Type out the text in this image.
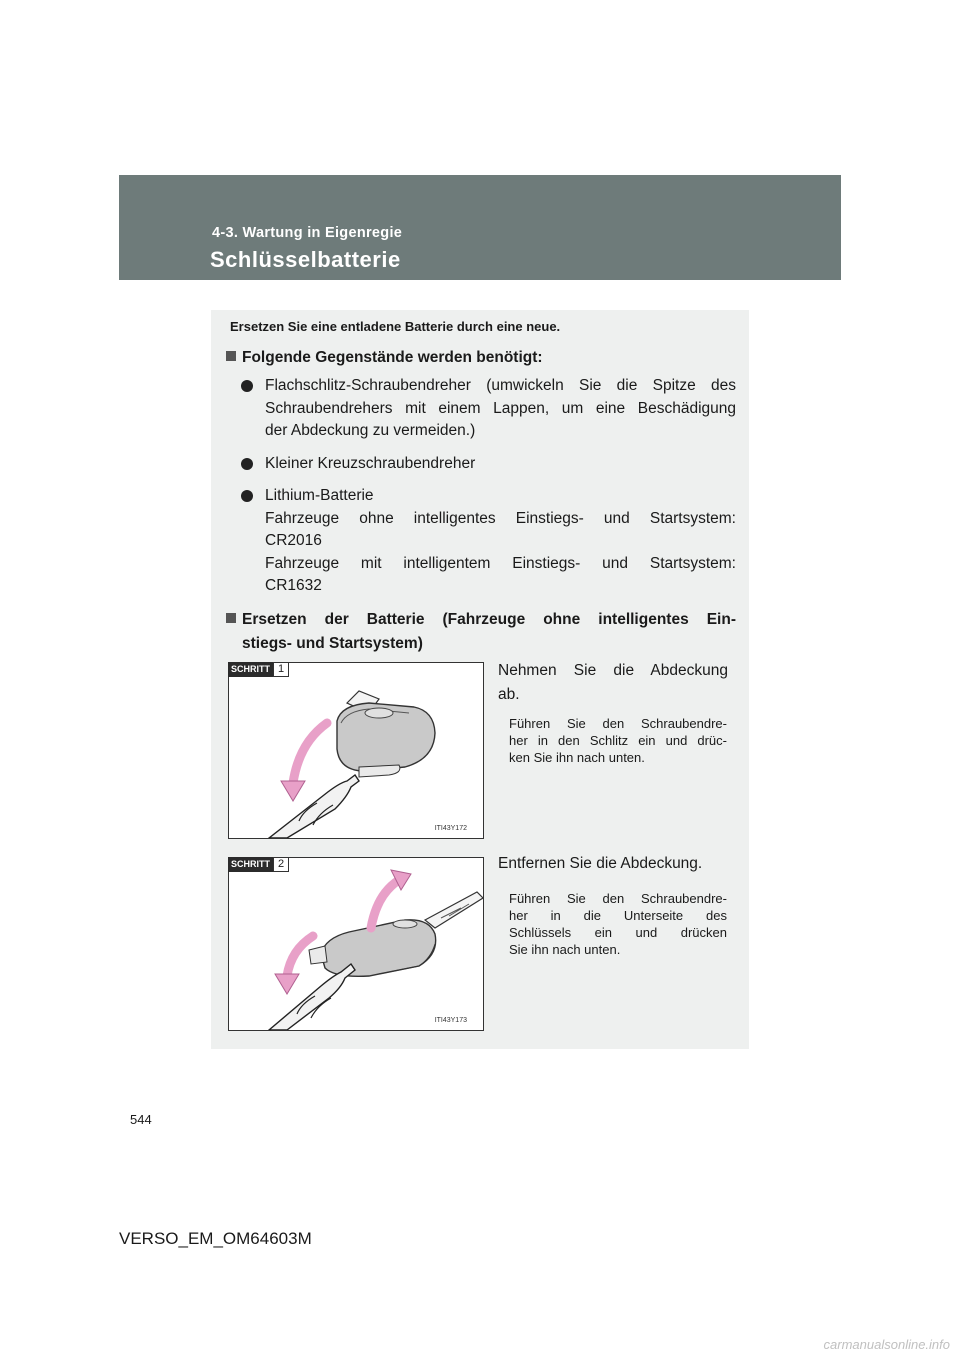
4-3. Wartung in Eigenregie
Schlüsselbatterie
Ersetzen Sie eine entladene Batterie durch eine neue.
Folgende Gegenstände werden benötigt:
Flachschlitz-Schraubendreher (umwickeln Sie die Spitze des
Schraubendrehers mit einem Lappen, um eine Beschädigung
der Abdeckung zu vermeiden.)
Kleiner Kreuzschraubendreher
Lithium-Batterie
Fahrzeuge ohne intelligentes Einstiegs- und Startsystem:
CR2016
Fahrzeuge mit intelligentem Einstiegs- und Startsystem:
CR1632
Ersetzen der Batterie (Fahrzeuge ohne intelligentes Ein-
stiegs- und Startsystem)
SCHRITT 1
ITI43Y172
Nehmen Sie die Abdeckung
ab.
Führen Sie den Schraubendre-
her in den Schlitz ein und drüc-
ken Sie ihn nach unten.
SCHRITT 2
ITI43Y173
Entfernen Sie die Abdeckung.
Führen Sie den Schraubendre-
her in die Unterseite des
Schlüssels ein und drücken
Sie ihn nach unten.
544
VERSO_EM_OM64603M
carmanualsonline.info
